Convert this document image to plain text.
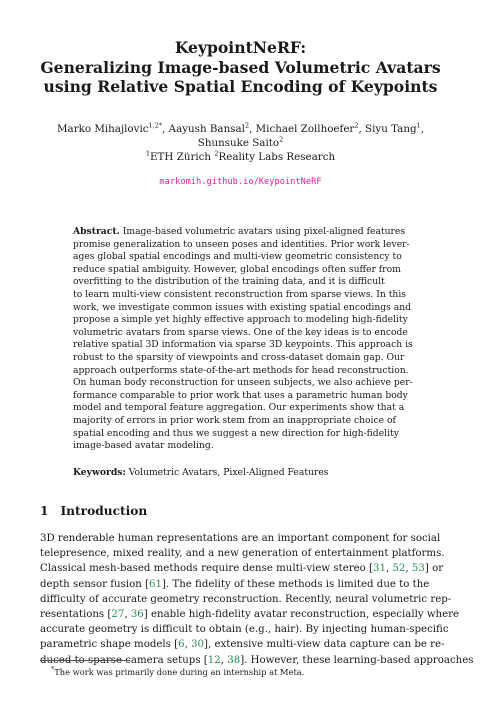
KeypointNeRF:
Generalizing Image-based Volumetric Avatars
using Relative Spatial Encoding of Keypoints
Marko Mihajlovic$^{1,2*}$, Aayush Bansal$^2$, Michael Zollhoefer$^2$, Siyu Tang$^1$,
Shunsuke Saito$^2$
$^1$ETH Zürich $^2$Reality Labs Research
markomih.github.io/KeypointNeRF
Abstract. Image-based volumetric avatars using pixel-aligned features
promise generalization to unseen poses and identities. Prior work lever-
ages global spatial encodings and multi-view geometric consistency to
reduce spatial ambiguity. However, global encodings often suffer from
overfitting to the distribution of the training data, and it is difficult
to learn multi-view consistent reconstruction from sparse views. In this
work, we investigate common issues with existing spatial encodings and
propose a simple yet highly effective approach to modeling high-fidelity
volumetric avatars from sparse views. One of the key ideas is to encode
relative spatial 3D information via sparse 3D keypoints. This approach is
robust to the sparsity of viewpoints and cross-dataset domain gap. Our
approach outperforms state-of-the-art methods for head reconstruction.
On human body reconstruction for unseen subjects, we also achieve per-
formance comparable to prior work that uses a parametric human body
model and temporal feature aggregation. Our experiments show that a
majority of errors in prior work stem from an inappropriate choice of
spatial encoding and thus we suggest a new direction for high-fidelity
image-based avatar modeling.
Keywords: Volumetric Avatars, Pixel-Aligned Features
1 Introduction
3D renderable human representations are an important component for social
telepresence, mixed reality, and a new generation of entertainment platforms.
Classical mesh-based methods require dense multi-view stereo [31, 52, 53] or
depth sensor fusion [61]. The fidelity of these methods is limited due to the
difficulty of accurate geometry reconstruction. Recently, neural volumetric rep-
resentations [27, 36] enable high-fidelity avatar reconstruction, especially where
accurate geometry is difficult to obtain (e.g., hair). By injecting human-specific
parametric shape models [6, 30], extensive multi-view data capture can be re-
duced to sparse camera setups [12, 38]. However, these learning-based approaches
*The work was primarily done during an internship at Meta.
